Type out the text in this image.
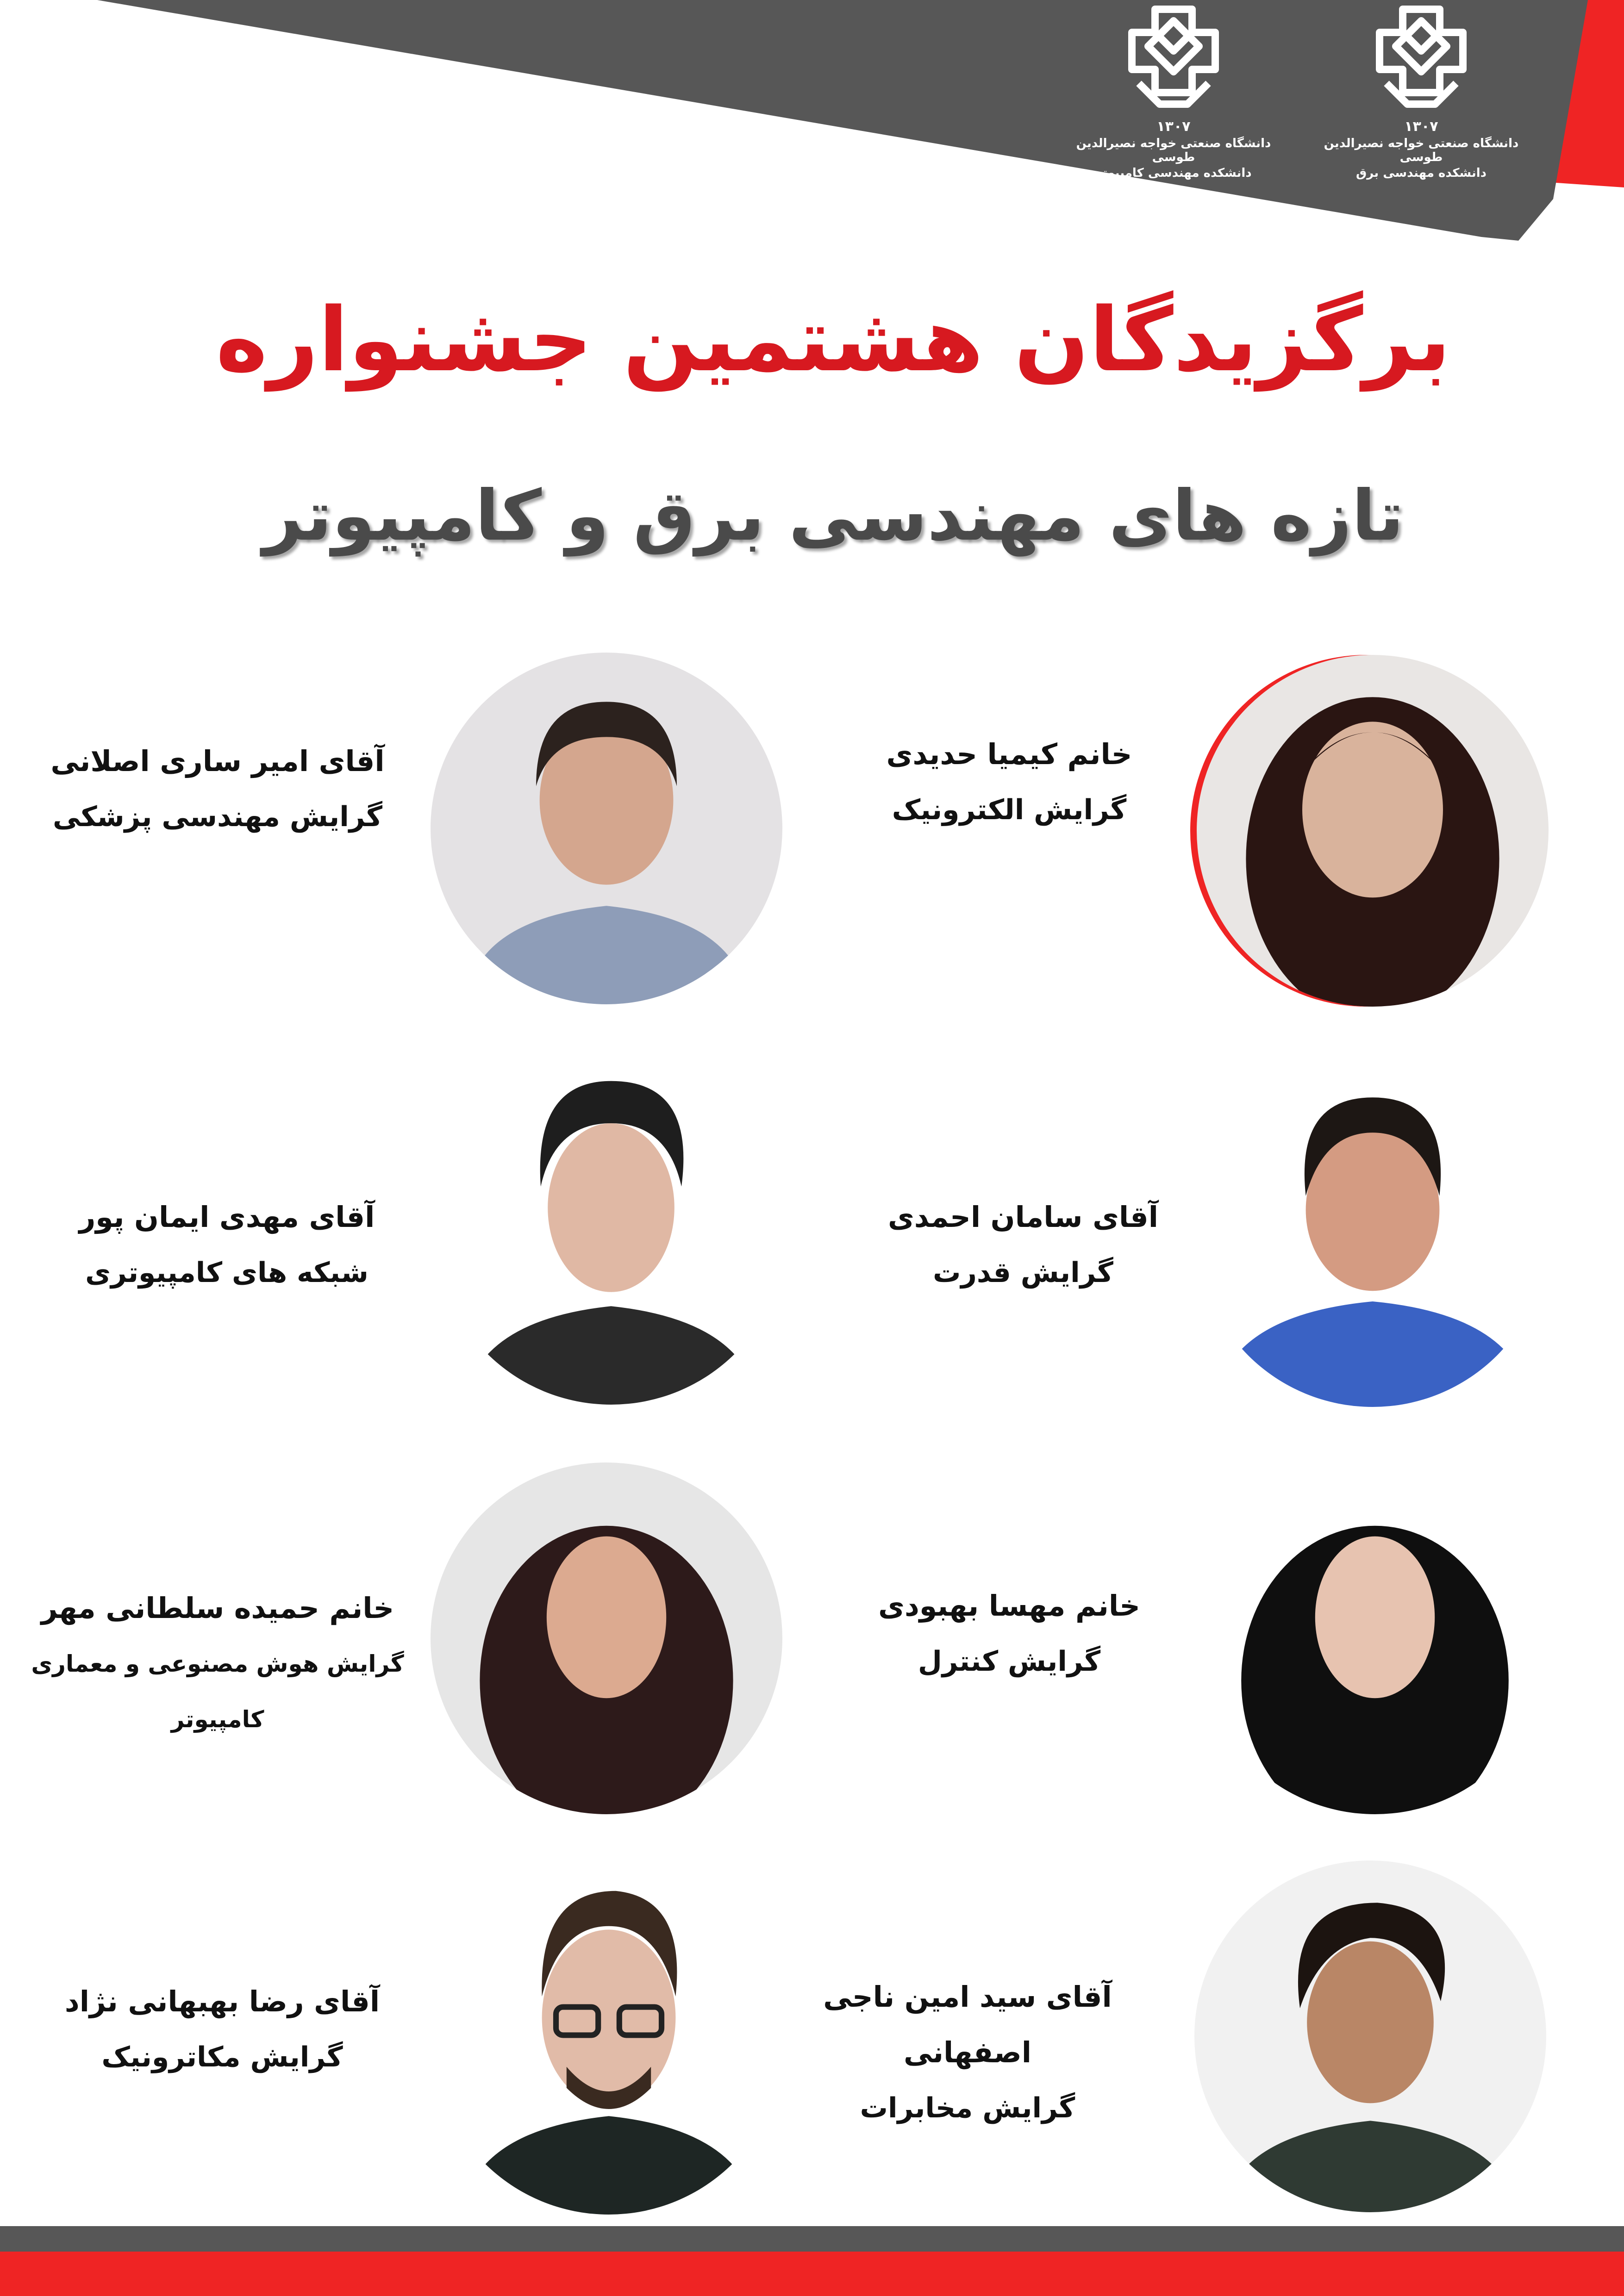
۱۳۰۷
دانشگاه صنعتی خواجه نصیرالدین طوسی
دانشکده مهندسی برق
۱۳۰۷
دانشگاه صنعتی خواجه نصیرالدین طوسی
دانشکده مهندسی کامپیوتر
برگزیدگان هشتمین جشنواره
تازه های مهندسی برق و کامپیوتر
خانم کیمیا حدیدی
گرایش الکترونیک
آقای امیر ساری اصلانی
گرایش مهندسی پزشکی
آقای سامان احمدی
گرایش قدرت
آقای مهدی ایمان پور
شبکه های کامپیوتری
خانم مهسا بهبودی
گرایش کنترل
خانم حمیده سلطانی مهر
گرایش هوش مصنوعی و معماری کامپیوتر
آقای سید امین ناجی اصفهانی
گرایش مخابرات
آقای رضا بهبهانی نژاد
گرایش مکاترونیک
